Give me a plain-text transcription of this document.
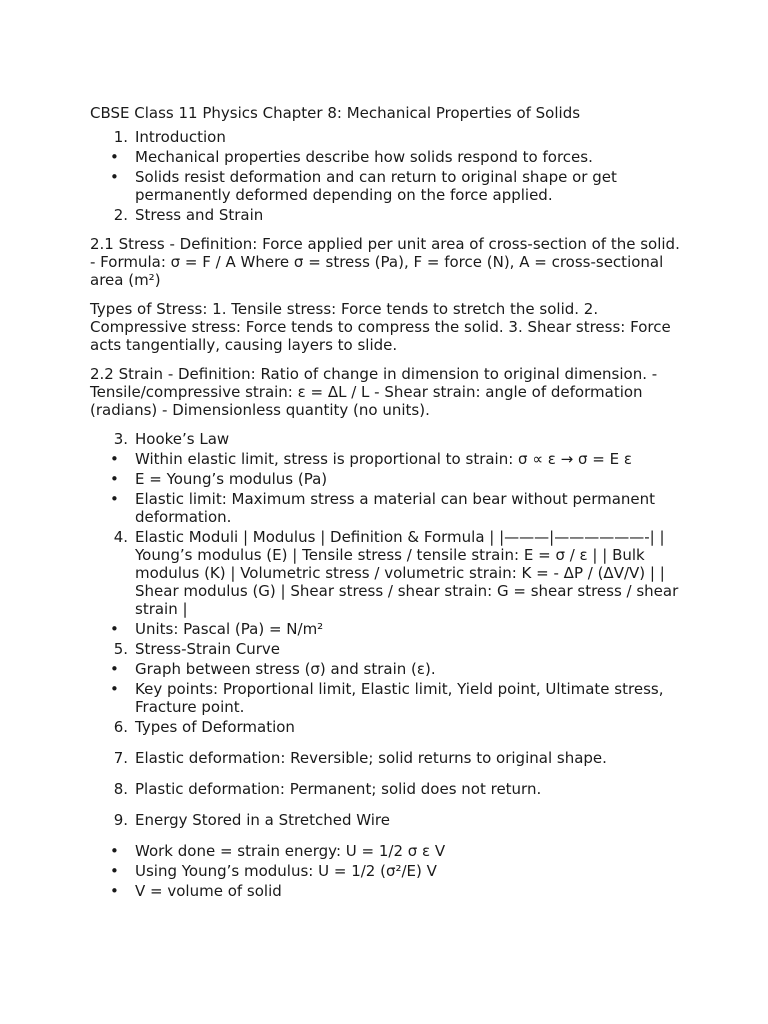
CBSE Class 11 Physics Chapter 8: Mechanical Properties of Solids
1. Introduction
• Mechanical properties describe how solids respond to forces.
• Solids resist deformation and can return to original shape or get permanently deformed depending on the force applied.
2. Stress and Strain
2.1 Stress - Definition: Force applied per unit area of cross-section of the solid. - Formula: σ = F / A Where σ = stress (Pa), F = force (N), A = cross-sectional area (m²)
Types of Stress: 1. Tensile stress: Force tends to stretch the solid. 2. Compressive stress: Force tends to compress the solid. 3. Shear stress: Force acts tangentially, causing layers to slide.
2.2 Strain - Definition: Ratio of change in dimension to original dimension. - Tensile/compressive strain: ε = ΔL / L - Shear strain: angle of deformation (radians) - Dimensionless quantity (no units).
3. Hooke’s Law
• Within elastic limit, stress is proportional to strain: σ ∝ ε → σ = E ε
• E = Young’s modulus (Pa)
• Elastic limit: Maximum stress a material can bear without permanent deformation.
4. Elastic Moduli | Modulus | Definition & Formula | |———|——————-| | Young’s modulus (E) | Tensile stress / tensile strain: E = σ / ε | | Bulk modulus (K) | Volumetric stress / volumetric strain: K = - ΔP / (ΔV/V) | | Shear modulus (G) | Shear stress / shear strain: G = shear stress / shear strain |
• Units: Pascal (Pa) = N/m²
5. Stress-Strain Curve
• Graph between stress (σ) and strain (ε).
• Key points: Proportional limit, Elastic limit, Yield point, Ultimate stress, Fracture point.
6. Types of Deformation
7. Elastic deformation: Reversible; solid returns to original shape.
8. Plastic deformation: Permanent; solid does not return.
9. Energy Stored in a Stretched Wire
• Work done = strain energy: U = 1/2 σ ε V
• Using Young’s modulus: U = 1/2 (σ²/E) V
• V = volume of solid
